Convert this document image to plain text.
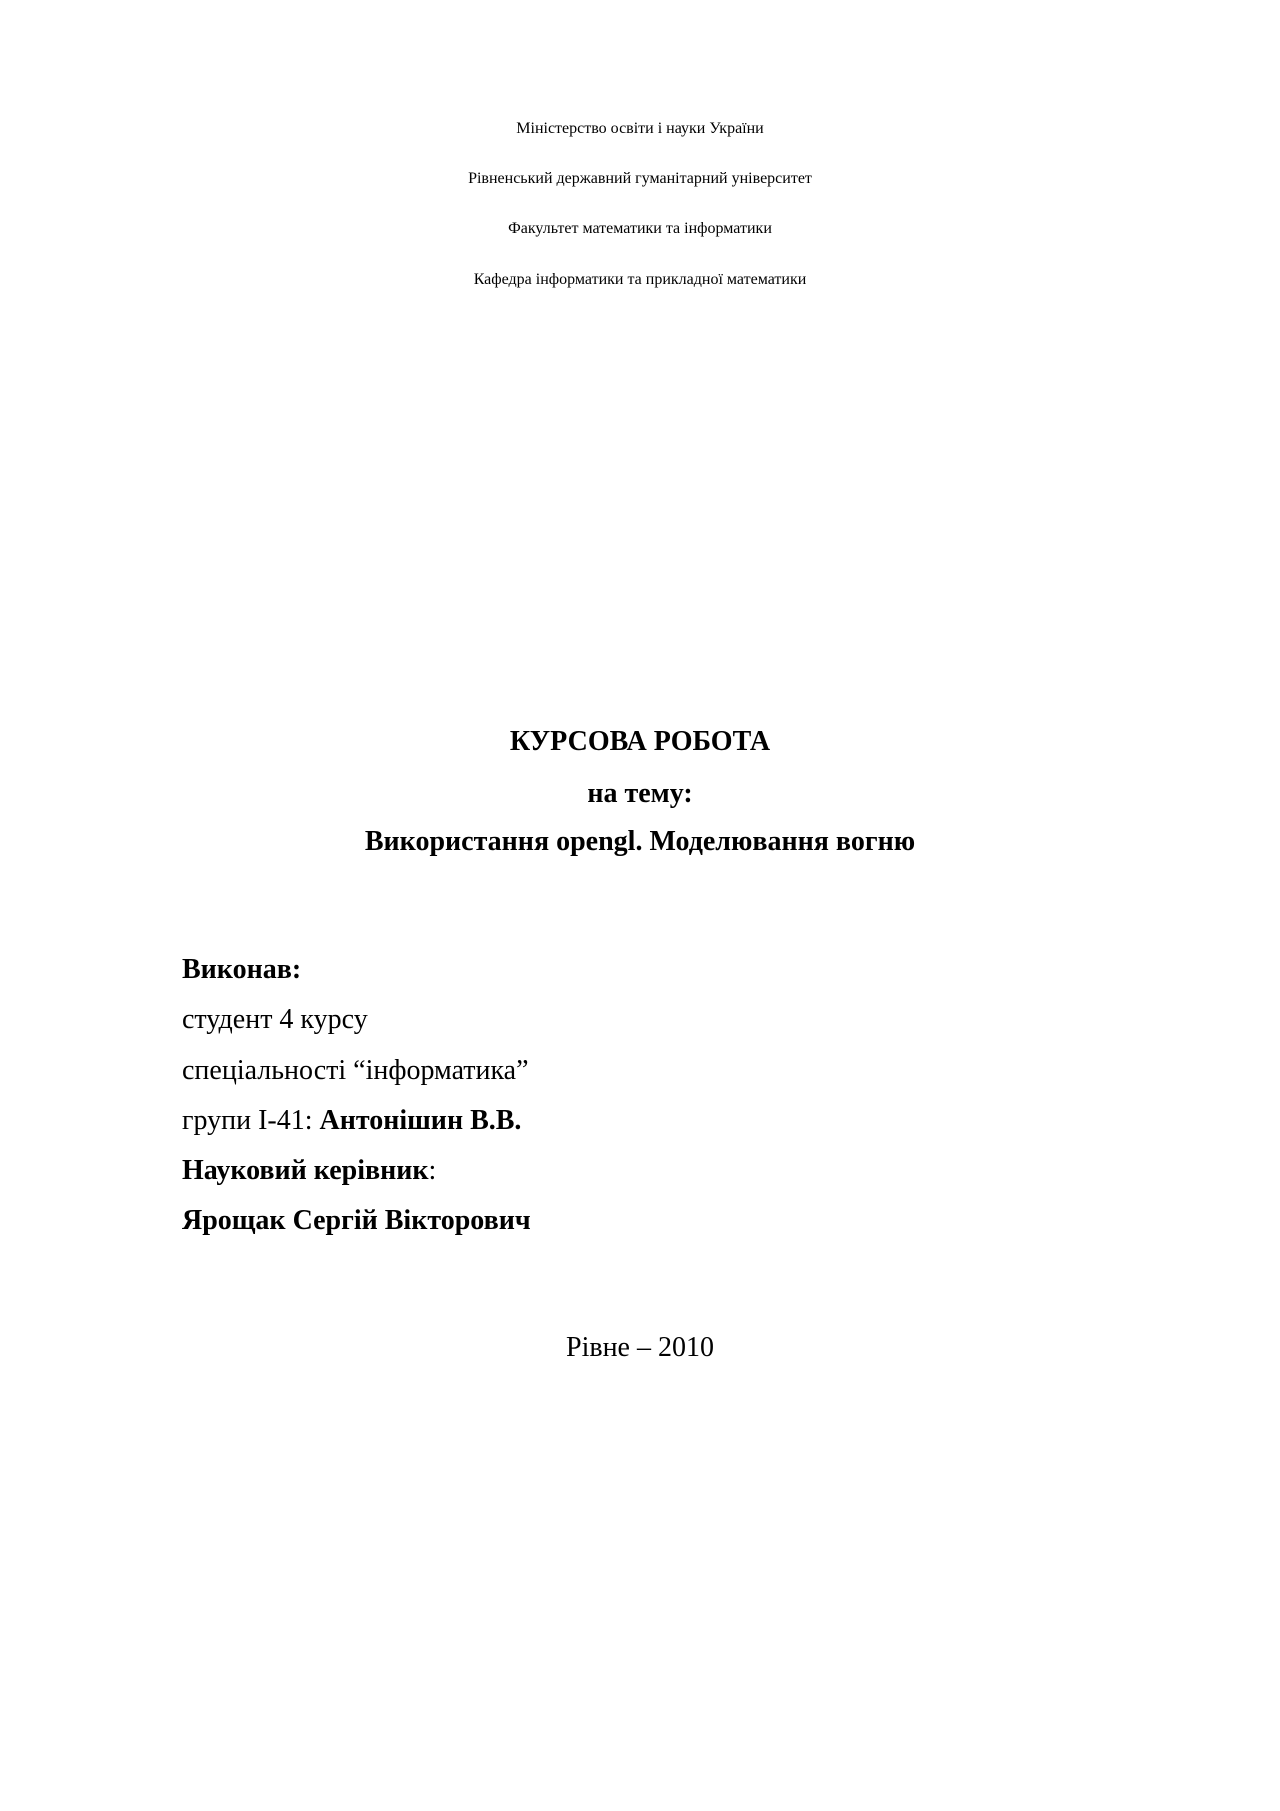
Міністерство освіти і науки України
Рівненський державний гуманітарний університет
Факультет математики та інформатики
Кафедра інформатики та прикладної математики
КУРСОВА РОБОТА
на тему:
Використання opengl. Моделювання вогню
Виконав:
студент 4 курсу
спеціальності “інформатика”
групи І-41: Антонішин В.В.
Науковий керівник:
Ярощак Сергій Вікторович
Рівне – 2010
